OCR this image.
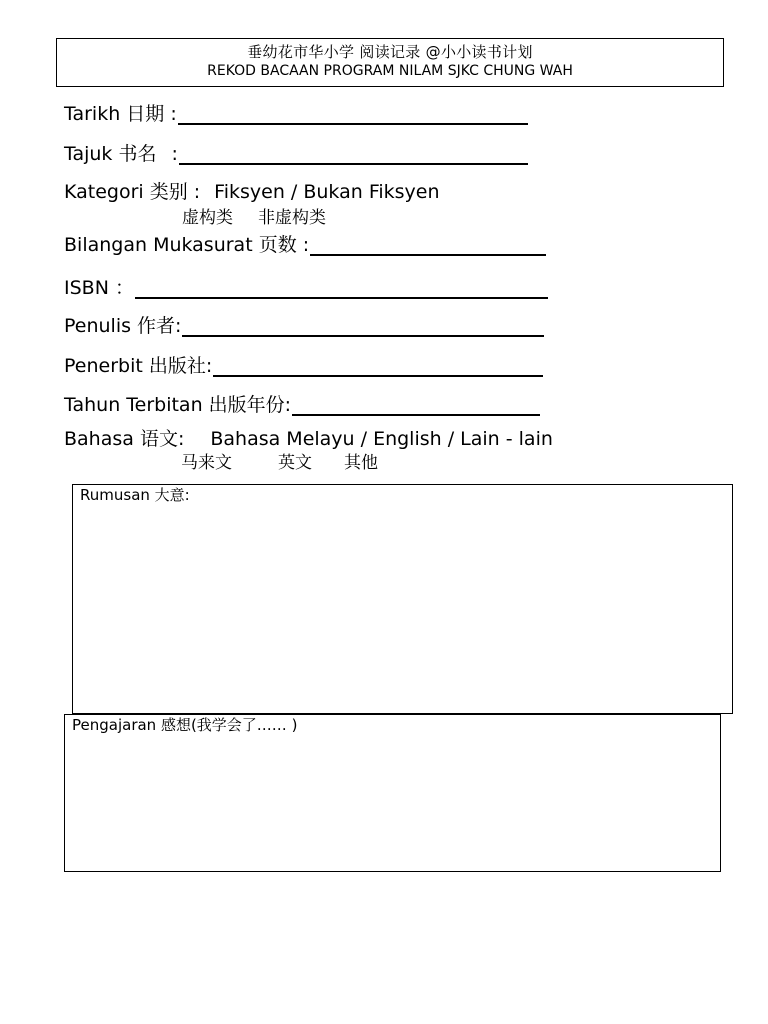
垂幼花市华小学 阅读记录 @小小读书计划
REKOD BACAAN PROGRAM NILAM SJKC CHUNG WAH
Tarikh 日期 :
Tajuk 书名 :
Kategori 类别 : Fiksyen / Bukan Fiksyen
虚构类 非虚构类
Bilangan Mukasurat 页数 :
ISBN ：
Penulis 作者:
Penerbit 出版社:
Tahun Terbitan 出版年份:
Bahasa 语文: Bahasa Melayu / English / Lain - lain
马来文	英文 其他
Rumusan 大意:
Pengajaran 感想(我学会了…… )
